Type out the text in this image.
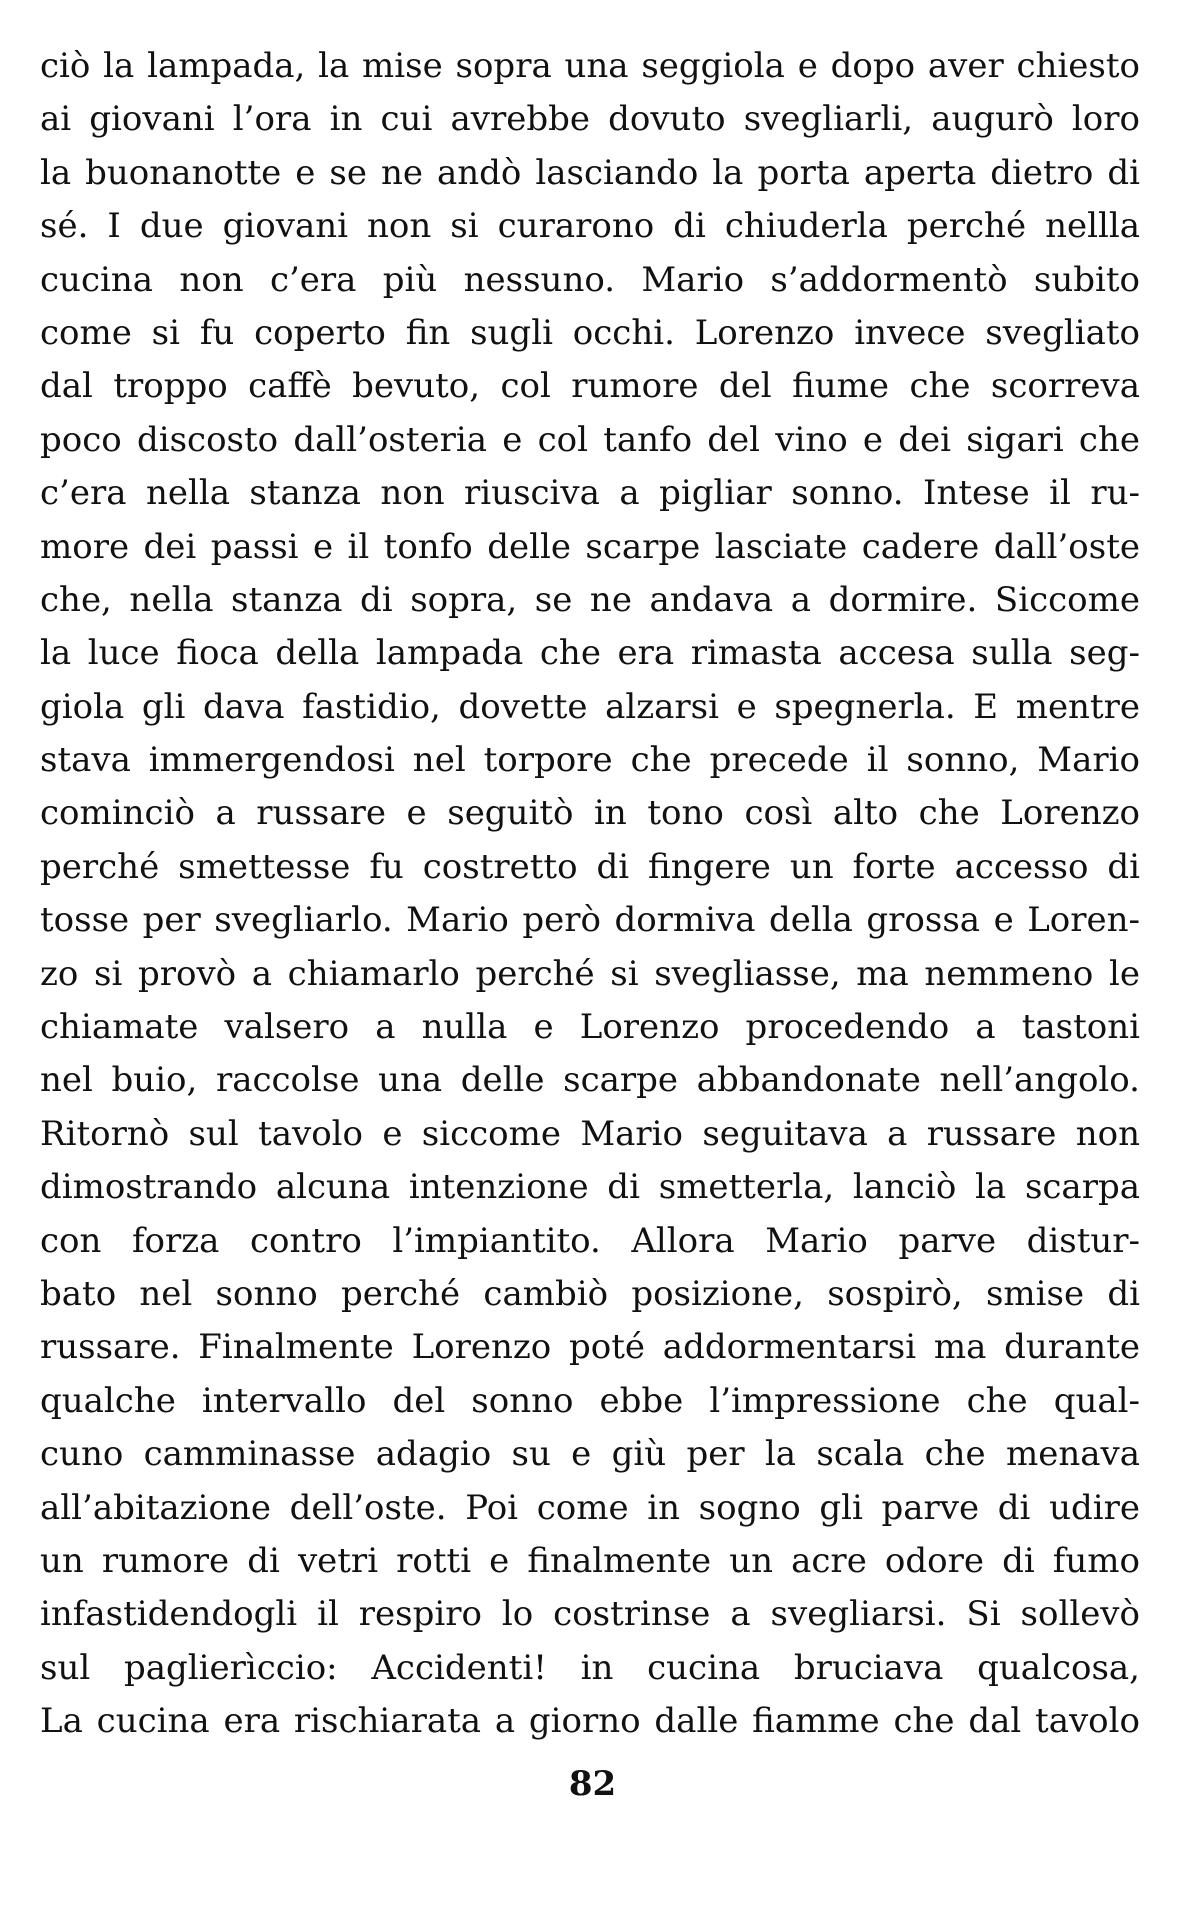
ciò la lampada, la mise sopra una seggiola e dopo aver chiesto
ai giovani l’ora in cui avrebbe dovuto svegliarli, augurò loro
la buonanotte e se ne andò lasciando la porta aperta dietro di
sé. I due giovani non si curarono di chiuderla perché nellla
cucina non c’era più nessuno. Mario s’addormentò subito
come si fu coperto fin sugli occhi. Lorenzo invece svegliato
dal troppo caffè bevuto, col rumore del fiume che scorreva
poco discosto dall’osteria e col tanfo del vino e dei sigari che
c’era nella stanza non riusciva a pigliar sonno. Intese il ru-
more dei passi e il tonfo delle scarpe lasciate cadere dall’oste
che, nella stanza di sopra, se ne andava a dormire. Siccome
la luce fioca della lampada che era rimasta accesa sulla seg-
giola gli dava fastidio, dovette alzarsi e spegnerla. E mentre
stava immergendosi nel torpore che precede il sonno, Mario
cominciò a russare e seguitò in tono così alto che Lorenzo
perché smettesse fu costretto di fingere un forte accesso di
tosse per svegliarlo. Mario però dormiva della grossa e Loren-
zo si provò a chiamarlo perché si svegliasse, ma nemmeno le
chiamate valsero a nulla e Lorenzo procedendo a tastoni
nel buio, raccolse una delle scarpe abbandonate nell’angolo.
Ritornò sul tavolo e siccome Mario seguitava a russare non
dimostrando alcuna intenzione di smetterla, lanciò la scarpa
con forza contro l’impiantito. Allora Mario parve distur-
bato nel sonno perché cambiò posizione, sospirò, smise di
russare. Finalmente Lorenzo poté addormentarsi ma durante
qualche intervallo del sonno ebbe l’impressione che qual-
cuno camminasse adagio su e giù per la scala che menava
all’abitazione dell’oste. Poi come in sogno gli parve di udire
un rumore di vetri rotti e finalmente un acre odore di fumo
infastidendogli il respiro lo costrinse a svegliarsi. Si sollevò
sul paglierìccio: Accidenti! in cucina bruciava qualcosa,
La cucina era rischiarata a giorno dalle fiamme che dal tavolo
82
